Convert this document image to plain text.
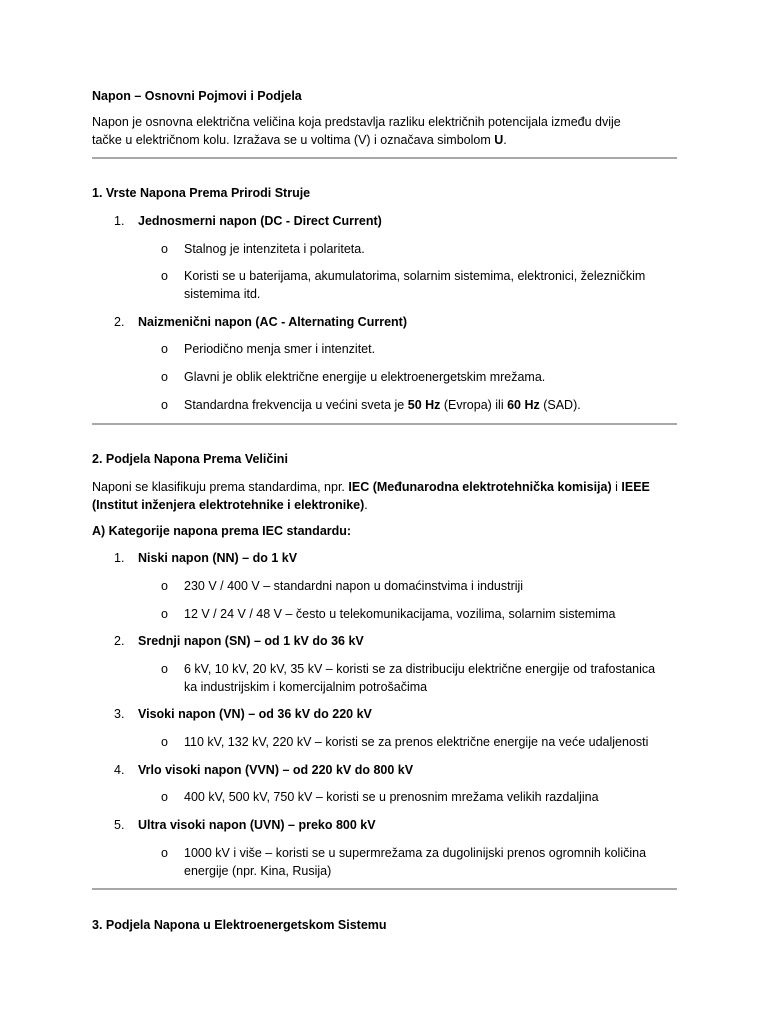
Napon – Osnovni Pojmovi i Podjela
Napon je osnovna električna veličina koja predstavlja razliku električnih potencijala između dvije
tačke u električnom kolu. Izražava se u voltima (V) i označava simbolom U.
1. Vrste Napona Prema Prirodi Struje
1. Jednosmerni napon (DC - Direct Current)
o Stalnog je intenziteta i polariteta.
o Koristi se u baterijama, akumulatorima, solarnim sistemima, elektronici, železničkim
sistemima itd.
2. Naizmenični napon (AC - Alternating Current)
o Periodično menja smer i intenzitet.
o Glavni je oblik električne energije u elektroenergetskim mrežama.
o Standardna frekvencija u većini sveta je 50 Hz (Evropa) ili 60 Hz (SAD).
2. Podjela Napona Prema Veličini
Naponi se klasifikuju prema standardima, npr. IEC (Međunarodna elektrotehnička komisija) i IEEE
(Institut inženjera elektrotehnike i elektronike).
A) Kategorije napona prema IEC standardu:
1. Niski napon (NN) – do 1 kV
o 230 V / 400 V – standardni napon u domaćinstvima i industriji
o 12 V / 24 V / 48 V – često u telekomunikacijama, vozilima, solarnim sistemima
2. Srednji napon (SN) – od 1 kV do 36 kV
o 6 kV, 10 kV, 20 kV, 35 kV – koristi se za distribuciju električne energije od trafostanica
ka industrijskim i komercijalnim potrošačima
3. Visoki napon (VN) – od 36 kV do 220 kV
o 110 kV, 132 kV, 220 kV – koristi se za prenos električne energije na veće udaljenosti
4. Vrlo visoki napon (VVN) – od 220 kV do 800 kV
o 400 kV, 500 kV, 750 kV – koristi se u prenosnim mrežama velikih razdaljina
5. Ultra visoki napon (UVN) – preko 800 kV
o 1000 kV i više – koristi se u supermrežama za dugolinijski prenos ogromnih količina
energije (npr. Kina, Rusija)
3. Podjela Napona u Elektroenergetskom Sistemu
